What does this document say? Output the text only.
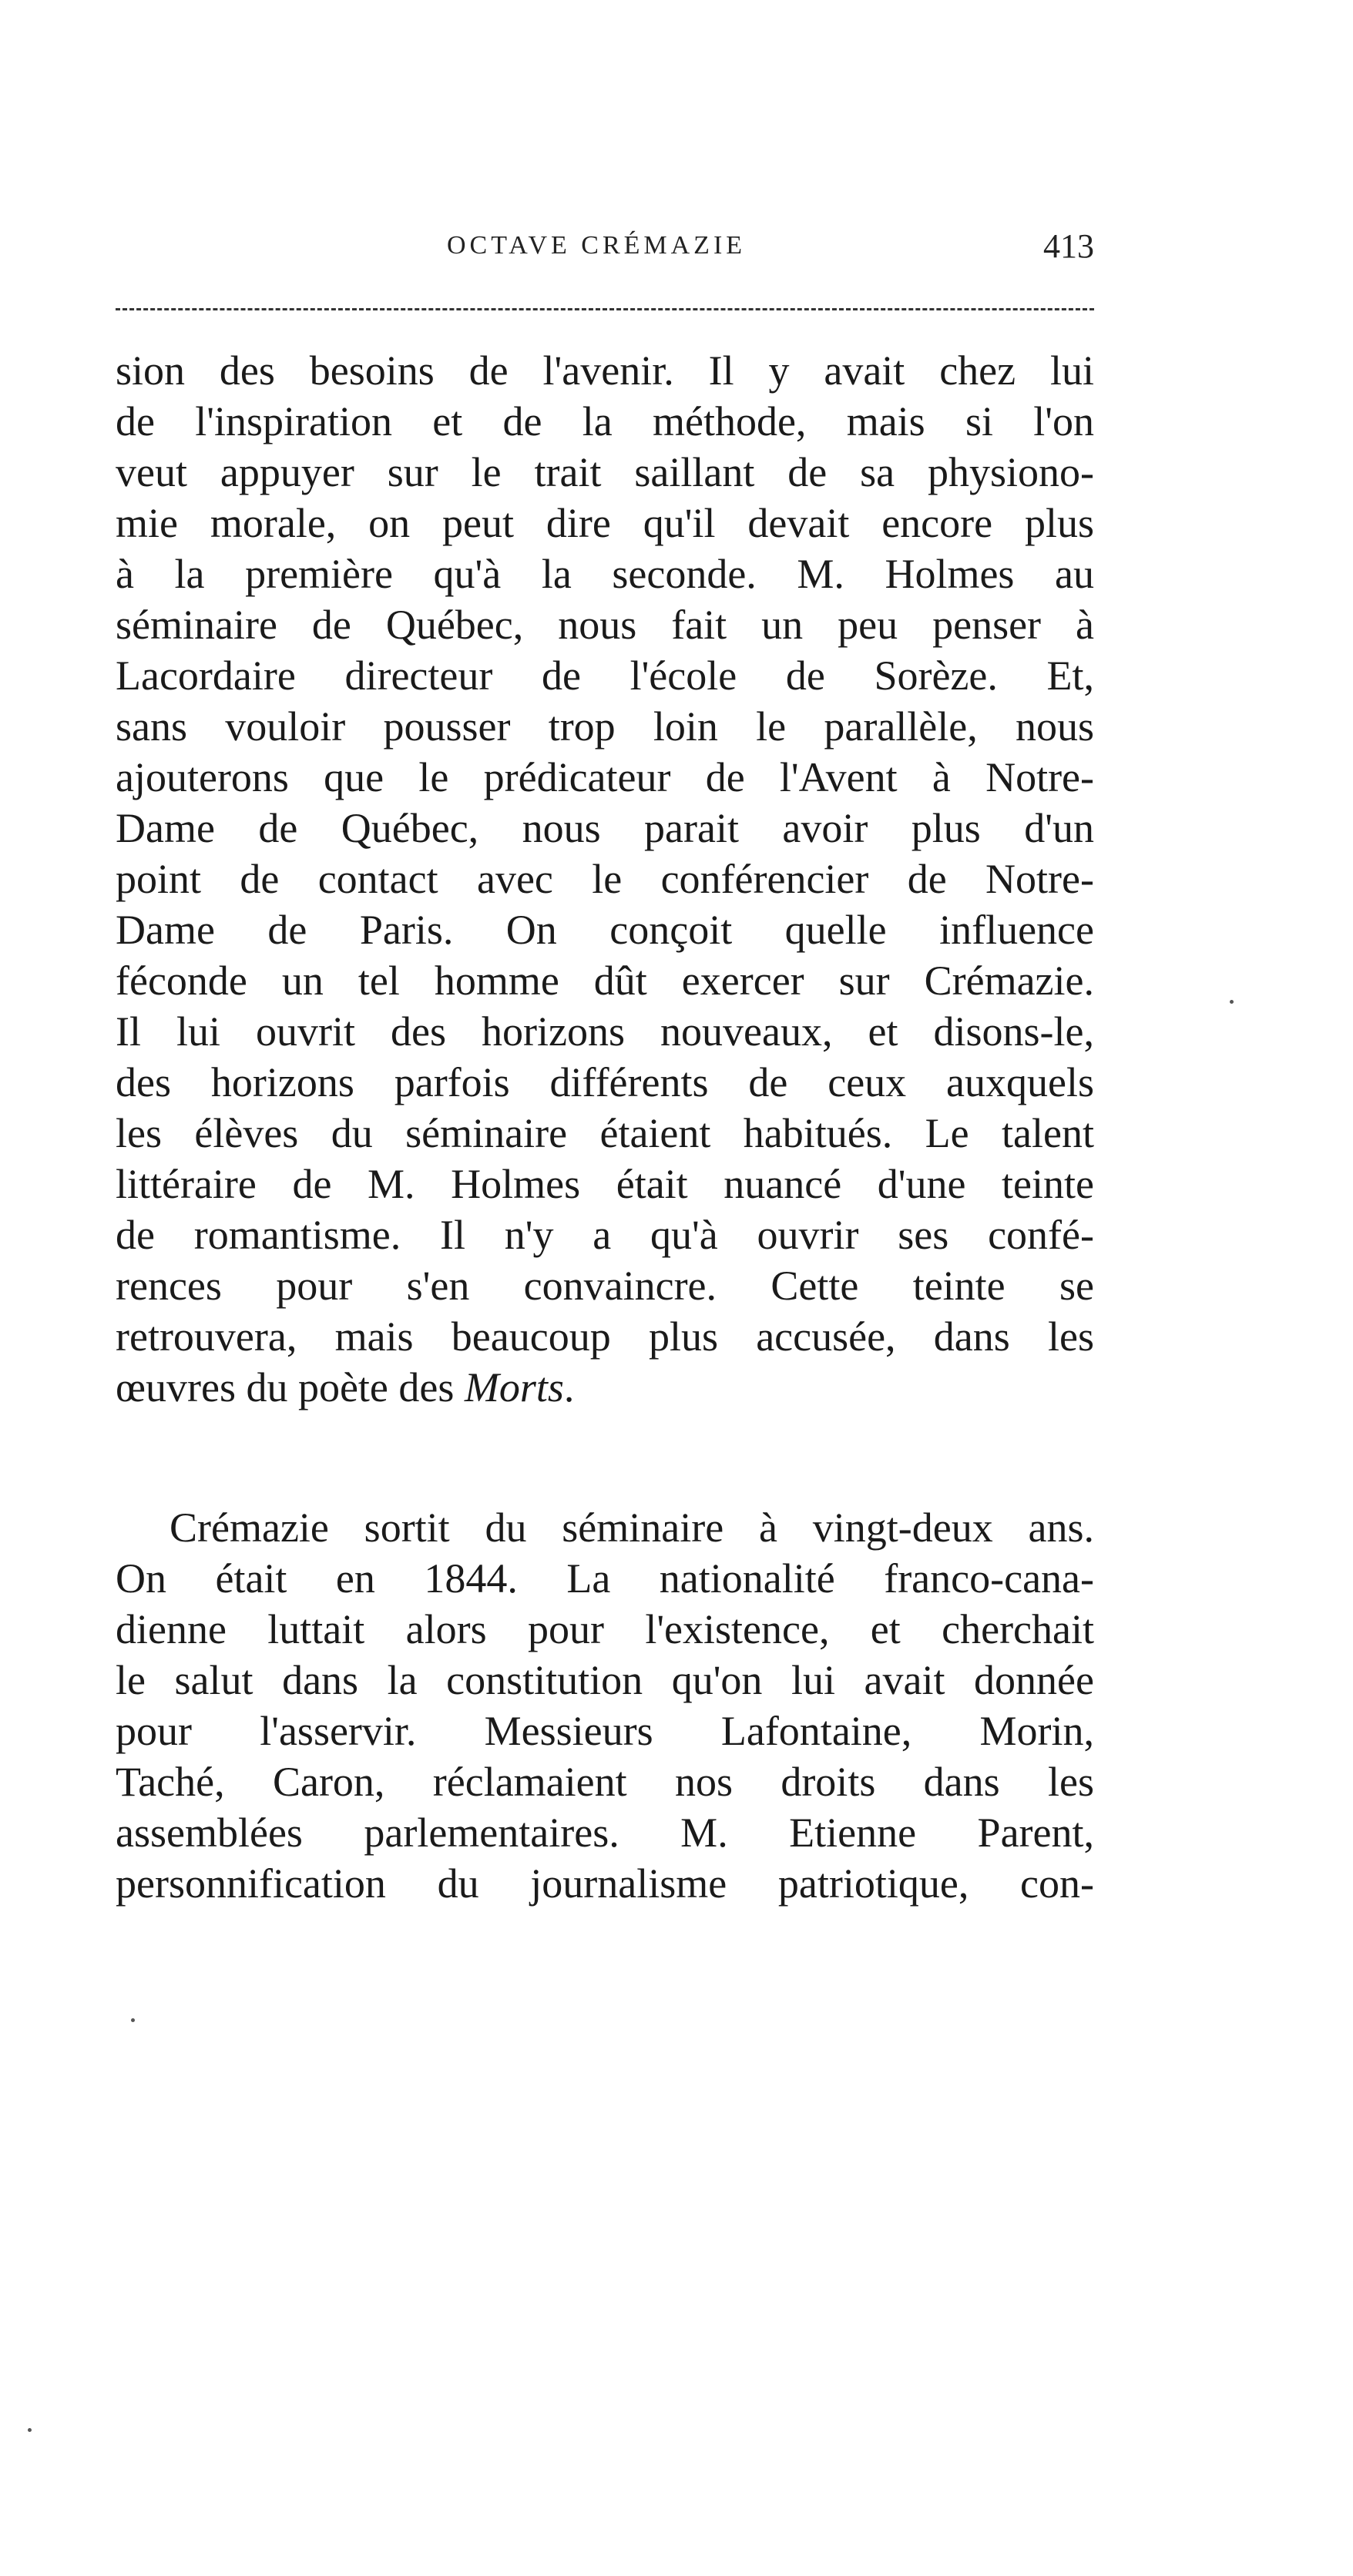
OCTAVE CRÉMAZIE	413
sion des besoins de l'avenir. Il y avait chez lui
de l'inspiration et de la méthode, mais si l'on
veut appuyer sur le trait saillant de sa physiono-
mie morale, on peut dire qu'il devait encore plus
à la première qu'à la seconde. M. Holmes au
séminaire de Québec, nous fait un peu penser à
Lacordaire directeur de l'école de Sorèze. Et,
sans vouloir pousser trop loin le parallèle, nous
ajouterons que le prédicateur de l'Avent à Notre-
Dame de Québec, nous parait avoir plus d'un
point de contact avec le conférencier de Notre-
Dame de Paris. On conçoit quelle influence
féconde un tel homme dût exercer sur Crémazie.
Il lui ouvrit des horizons nouveaux, et disons-le,
des horizons parfois différents de ceux auxquels
les élèves du séminaire étaient habitués. Le talent
littéraire de M. Holmes était nuancé d'une teinte
de romantisme. Il n'y a qu'à ouvrir ses confé-
rences pour s'en convaincre. Cette teinte se
retrouvera, mais beaucoup plus accusée, dans les
œuvres du poète des Morts.
Crémazie sortit du séminaire à vingt-deux ans.
On était en 1844. La nationalité franco-cana-
dienne luttait alors pour l'existence, et cherchait
le salut dans la constitution qu'on lui avait donnée
pour l'asservir. Messieurs Lafontaine, Morin,
Taché, Caron, réclamaient nos droits dans les
assemblées parlementaires. M. Etienne Parent,
personnification du journalisme patriotique, con-
